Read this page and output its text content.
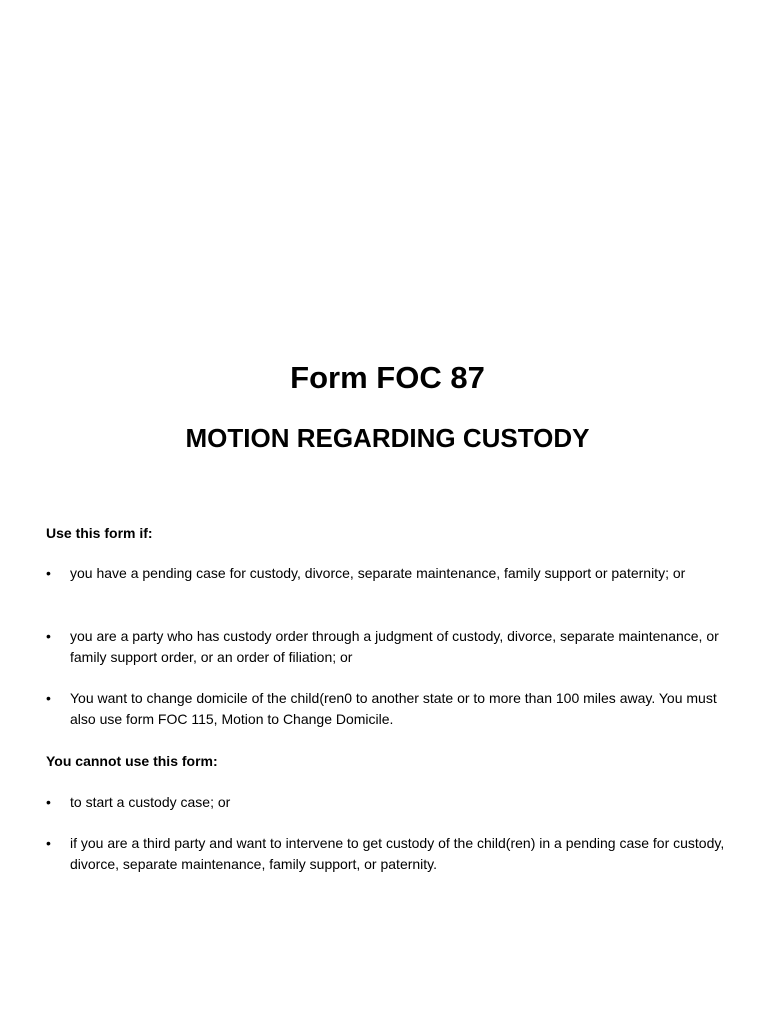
Form FOC 87
MOTION REGARDING CUSTODY
Use this form if:
•	you have a pending case for custody, divorce, separate maintenance, family support or paternity; or
•	you are a party who has custody order through a judgment of custody, divorce, separate maintenance, or family support order, or an order of filiation; or
•	You want to change domicile of the child(ren0 to another state or to more than 100 miles away. You must also use form FOC 115, Motion to Change Domicile.
You cannot use this form:
•	to start a custody case; or
•	if you are a third party and want to intervene to get custody of the child(ren) in a pending case for custody, divorce, separate maintenance, family support, or paternity.
